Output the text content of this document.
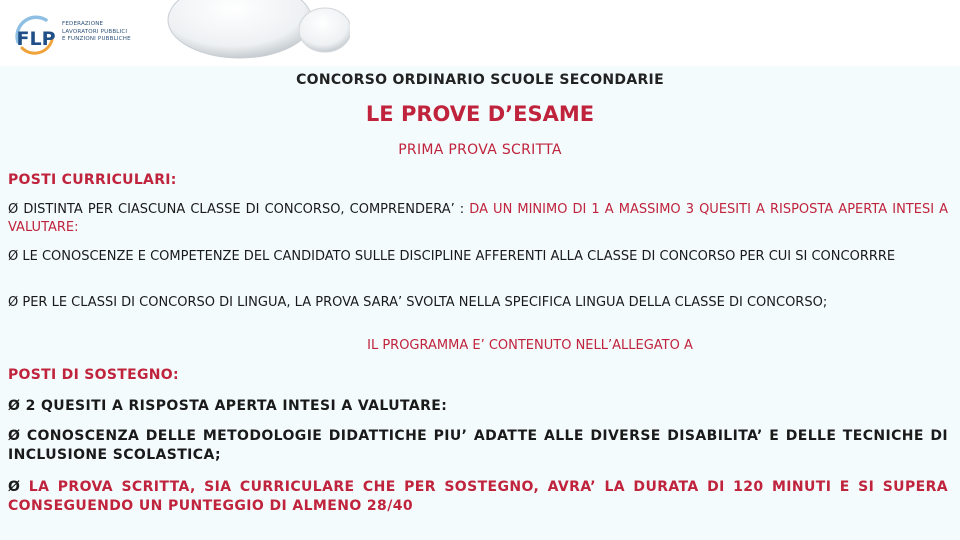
FLP
FEDERAZIONE
LAVORATORI PUBBLICI
E FUNZIONI PUBBLICHE
CONCORSO ORDINARIO SCUOLE SECONDARIE
LE PROVE D’ESAME
PRIMA PROVA SCRITTA
POSTI CURRICULARI:
Ø DISTINTA PER CIASCUNA CLASSE DI CONCORSO, COMPRENDERA’ : DA UN MINIMO DI 1 A MASSIMO 3 QUESITI A RISPOSTA APERTA INTESI A VALUTARE:
Ø LE CONOSCENZE E COMPETENZE DEL CANDIDATO SULLE DISCIPLINE AFFERENTI ALLA CLASSE DI CONCORSO PER CUI SI CONCORRRE
Ø PER LE CLASSI DI CONCORSO DI LINGUA, LA PROVA SARA’ SVOLTA NELLA SPECIFICA LINGUA DELLA CLASSE DI CONCORSO;
IL PROGRAMMA E’ CONTENUTO NELL’ALLEGATO A
POSTI DI SOSTEGNO:
Ø 2 QUESITI A RISPOSTA APERTA INTESI A VALUTARE:
Ø CONOSCENZA DELLE METODOLOGIE DIDATTICHE PIU’ ADATTE ALLE DIVERSE DISABILITA’ E DELLE TECNICHE DI INCLUSIONE SCOLASTICA;
Ø LA PROVA SCRITTA, SIA CURRICULARE CHE PER SOSTEGNO, AVRA’ LA DURATA DI 120 MINUTI E SI SUPERA CONSEGUENDO UN PUNTEGGIO DI ALMENO 28/40
